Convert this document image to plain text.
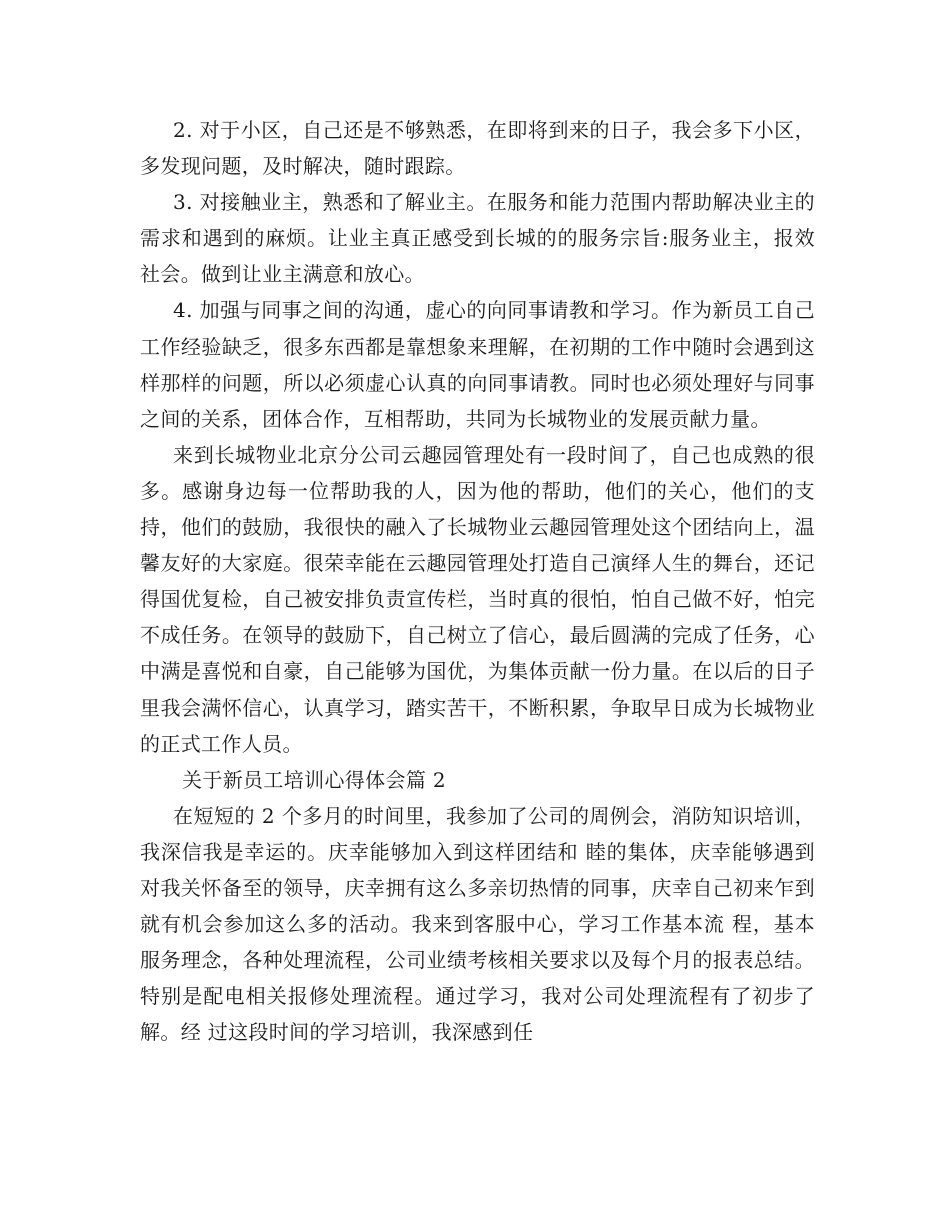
2. 对于小区，自己还是不够熟悉，在即将到来的日子，我会多下小区，多发现问题，及时解决，随时跟踪。

3. 对接触业主，熟悉和了解业主。在服务和能力范围内帮助解决业主的需求和遇到的麻烦。让业主真正感受到长城的的服务宗旨:服务业主，报效社会。做到让业主满意和放心。

4. 加强与同事之间的沟通，虚心的向同事请教和学习。作为新员工自己工作经验缺乏，很多东西都是靠想象来理解，在初期的工作中随时会遇到这样那样的问题，所以必须虚心认真的向同事请教。同时也必须处理好与同事之间的关系，团体合作，互相帮助，共同为长城物业的发展贡献力量。

来到长城物业北京分公司云趣园管理处有一段时间了，自己也成熟的很多。感谢身边每一位帮助我的人，因为他的帮助，他们的关心，他们的支持，他们的鼓励，我很快的融入了长城物业云趣园管理处这个团结向上，温馨友好的大家庭。很荣幸能在云趣园管理处打造自己演绎人生的舞台，还记得国优复检，自己被安排负责宣传栏，当时真的很怕，怕自己做不好，怕完不成任务。在领导的鼓励下，自己树立了信心，最后圆满的完成了任务，心中满是喜悦和自豪，自己能够为国优，为集体贡献一份力量。在以后的日子里我会满怀信心，认真学习，踏实苦干，不断积累，争取早日成为长城物业的正式工作人员。

关于新员工培训心得体会篇 2

在短短的 2 个多月的时间里，我参加了公司的周例会，消防知识培训，我深信我是幸运的。庆幸能够加入到这样团结和 睦的集体，庆幸能够遇到对我关怀备至的领导，庆幸拥有这么多亲切热情的同事，庆幸自己初来乍到就有机会参加这么多的活动。我来到客服中心，学习工作基本流 程，基本服务理念，各种处理流程，公司业绩考核相关要求以及每个月的报表总结。特别是配电相关报修处理流程。通过学习，我对公司处理流程有了初步了解。经 过这段时间的学习培训，我深感到任
